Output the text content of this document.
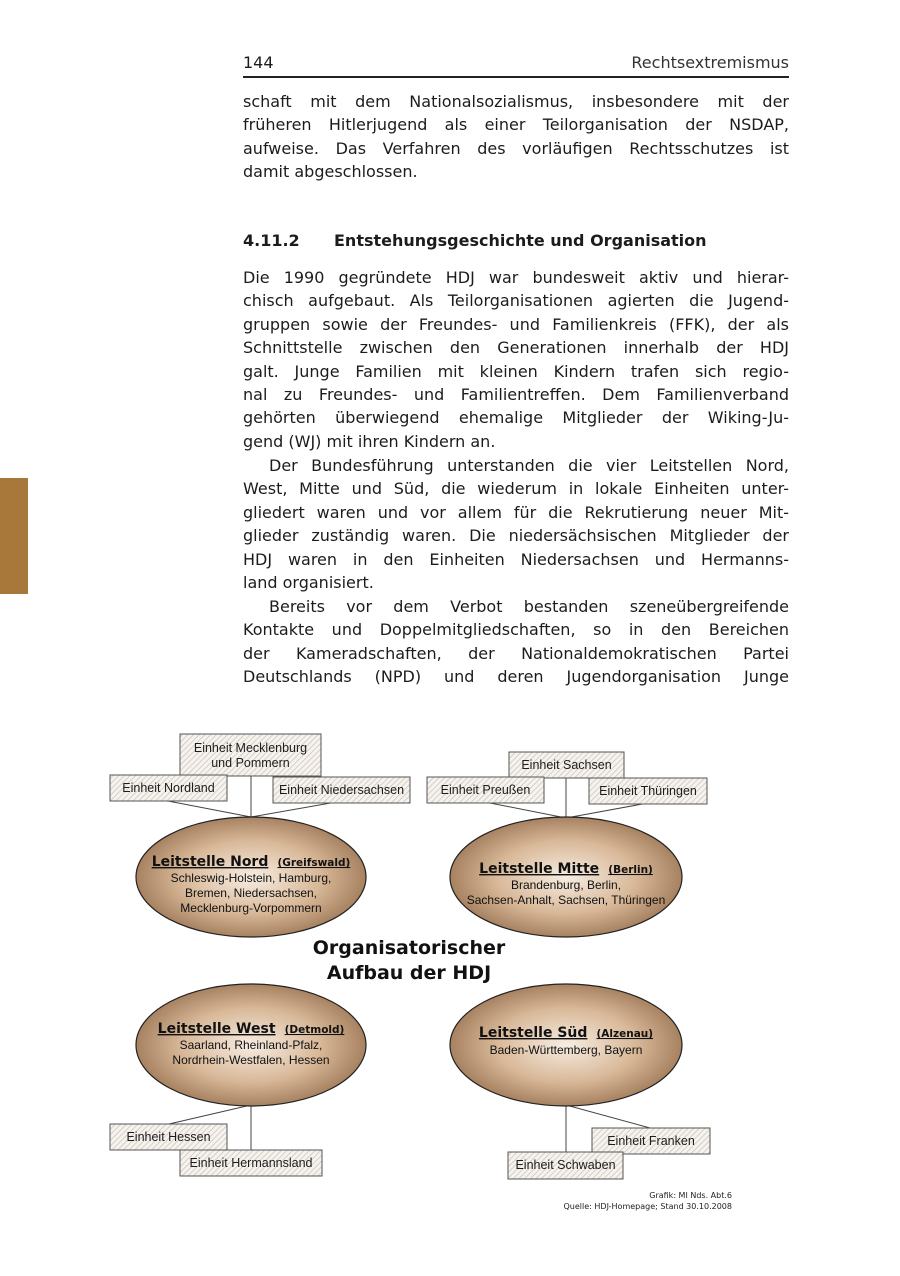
144	Rechtsextremismus
schaft mit dem Nationalsozialismus, insbesondere mit der
früheren Hitlerjugend als einer Teilorganisation der NSDAP,
aufweise. Das Verfahren des vorläufigen Rechtsschutzes ist
damit abgeschlossen.
4.11.2 Entstehungsgeschichte und Organisation
Die 1990 gegründete HDJ war bundesweit aktiv und hierar-
chisch aufgebaut. Als Teilorganisationen agierten die Jugend-
gruppen sowie der Freundes- und Familienkreis (FFK), der als
Schnittstelle zwischen den Generationen innerhalb der HDJ
galt. Junge Familien mit kleinen Kindern trafen sich regio-
nal zu Freundes- und Familientreffen. Dem Familienverband
gehörten überwiegend ehemalige Mitglieder der Wiking-Ju-
gend (WJ) mit ihren Kindern an.
Der Bundesführung unterstanden die vier Leitstellen Nord,
West, Mitte und Süd, die wiederum in lokale Einheiten unter-
gliedert waren und vor allem für die Rekrutierung neuer Mit-
glieder zuständig waren. Die niedersächsischen Mitglieder der
HDJ waren in den Einheiten Niedersachsen und Hermanns-
land organisiert.
Bereits vor dem Verbot bestanden szeneübergreifende
Kontakte und Doppelmitgliedschaften, so in den Bereichen
der Kameradschaften, der Nationaldemokratischen Partei
Deutschlands (NPD) und deren Jugendorganisation Junge
Einheit Mecklenburg
und Pommern
Einheit Nordland	Einheit Niedersachsen
Einheit Sachsen
Einheit Preußen	Einheit Thüringen
Einheit Hessen
Einheit Hermannsland
Einheit Franken
Einheit Schwaben
Leitstelle Nord (Greifswald)
Schleswig-Holstein, Hamburg,
Bremen, Niedersachsen,
Mecklenburg-Vorpommern
Leitstelle Mitte (Berlin)
Brandenburg, Berlin,
Sachsen-Anhalt, Sachsen, Thüringen
Organisatorischer
Aufbau der HDJ
Leitstelle West (Detmold)
Saarland, Rheinland-Pfalz,
Nordrhein-Westfalen, Hessen
Leitstelle Süd (Alzenau)
Baden-Württemberg, Bayern
Grafik: MI Nds. Abt.6
Quelle: HDJ-Homepage; Stand 30.10.2008
